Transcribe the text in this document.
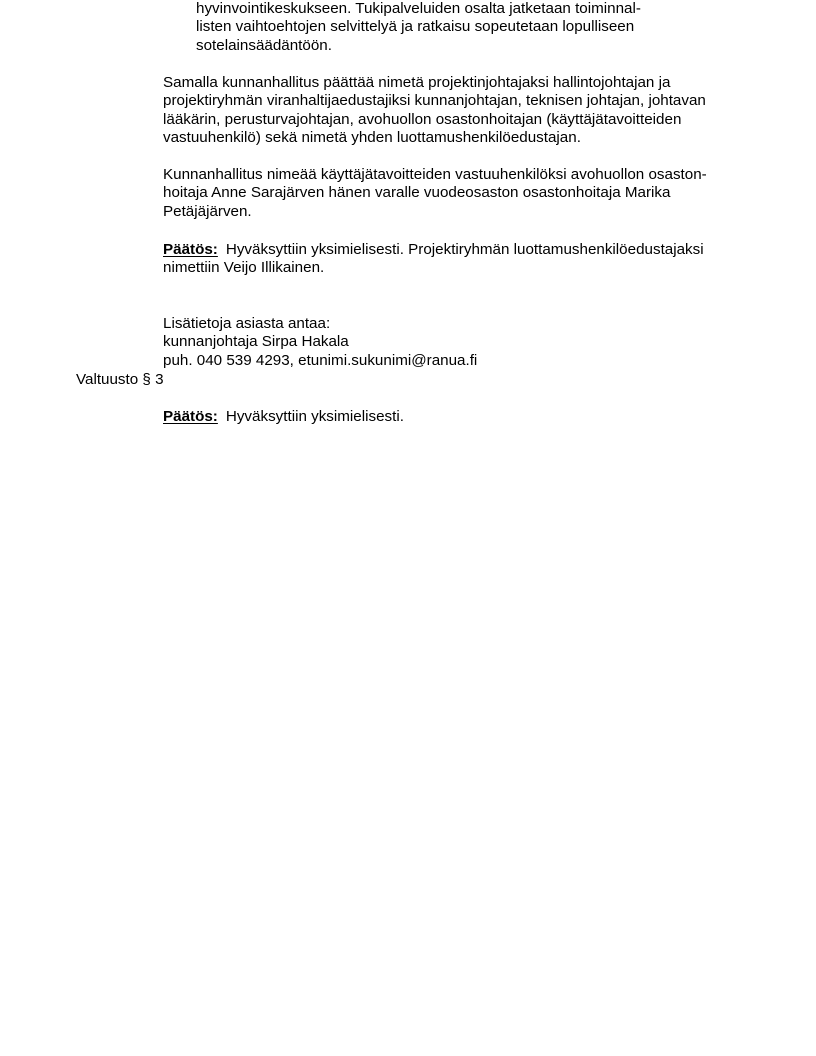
hyvinvointikeskukseen. Tukipalveluiden osalta jatketaan toiminnal-
listen vaihtoehtojen selvittelyä ja ratkaisu sopeutetaan lopulliseen
sotelainsäädäntöön.
Samalla kunnanhallitus päättää nimetä projektinjohtajaksi hallintojohtajan ja
projektiryhmän viranhaltijaedustajiksi kunnanjohtajan, teknisen johtajan, johtavan
lääkärin, perusturvajohtajan, avohuollon osastonhoitajan (käyttäjätavoitteiden
vastuuhenkilö) sekä nimetä yhden luottamushenkilöedustajan.
Kunnanhallitus nimeää käyttäjätavoitteiden vastuuhenkilöksi avohuollon osaston-
hoitaja Anne Sarajärven hänen varalle vuodeosaston osastonhoitaja Marika
Petäjäjärven.
Päätös: Hyväksyttiin yksimielisesti. Projektiryhmän luottamushenkilöedustajaksi
nimettiin Veijo Illikainen.
Lisätietoja asiasta antaa:
kunnanjohtaja Sirpa Hakala
puh. 040 539 4293, etunimi.sukunimi@ranua.fi
Valtuusto § 3
Päätös: Hyväksyttiin yksimielisesti.
